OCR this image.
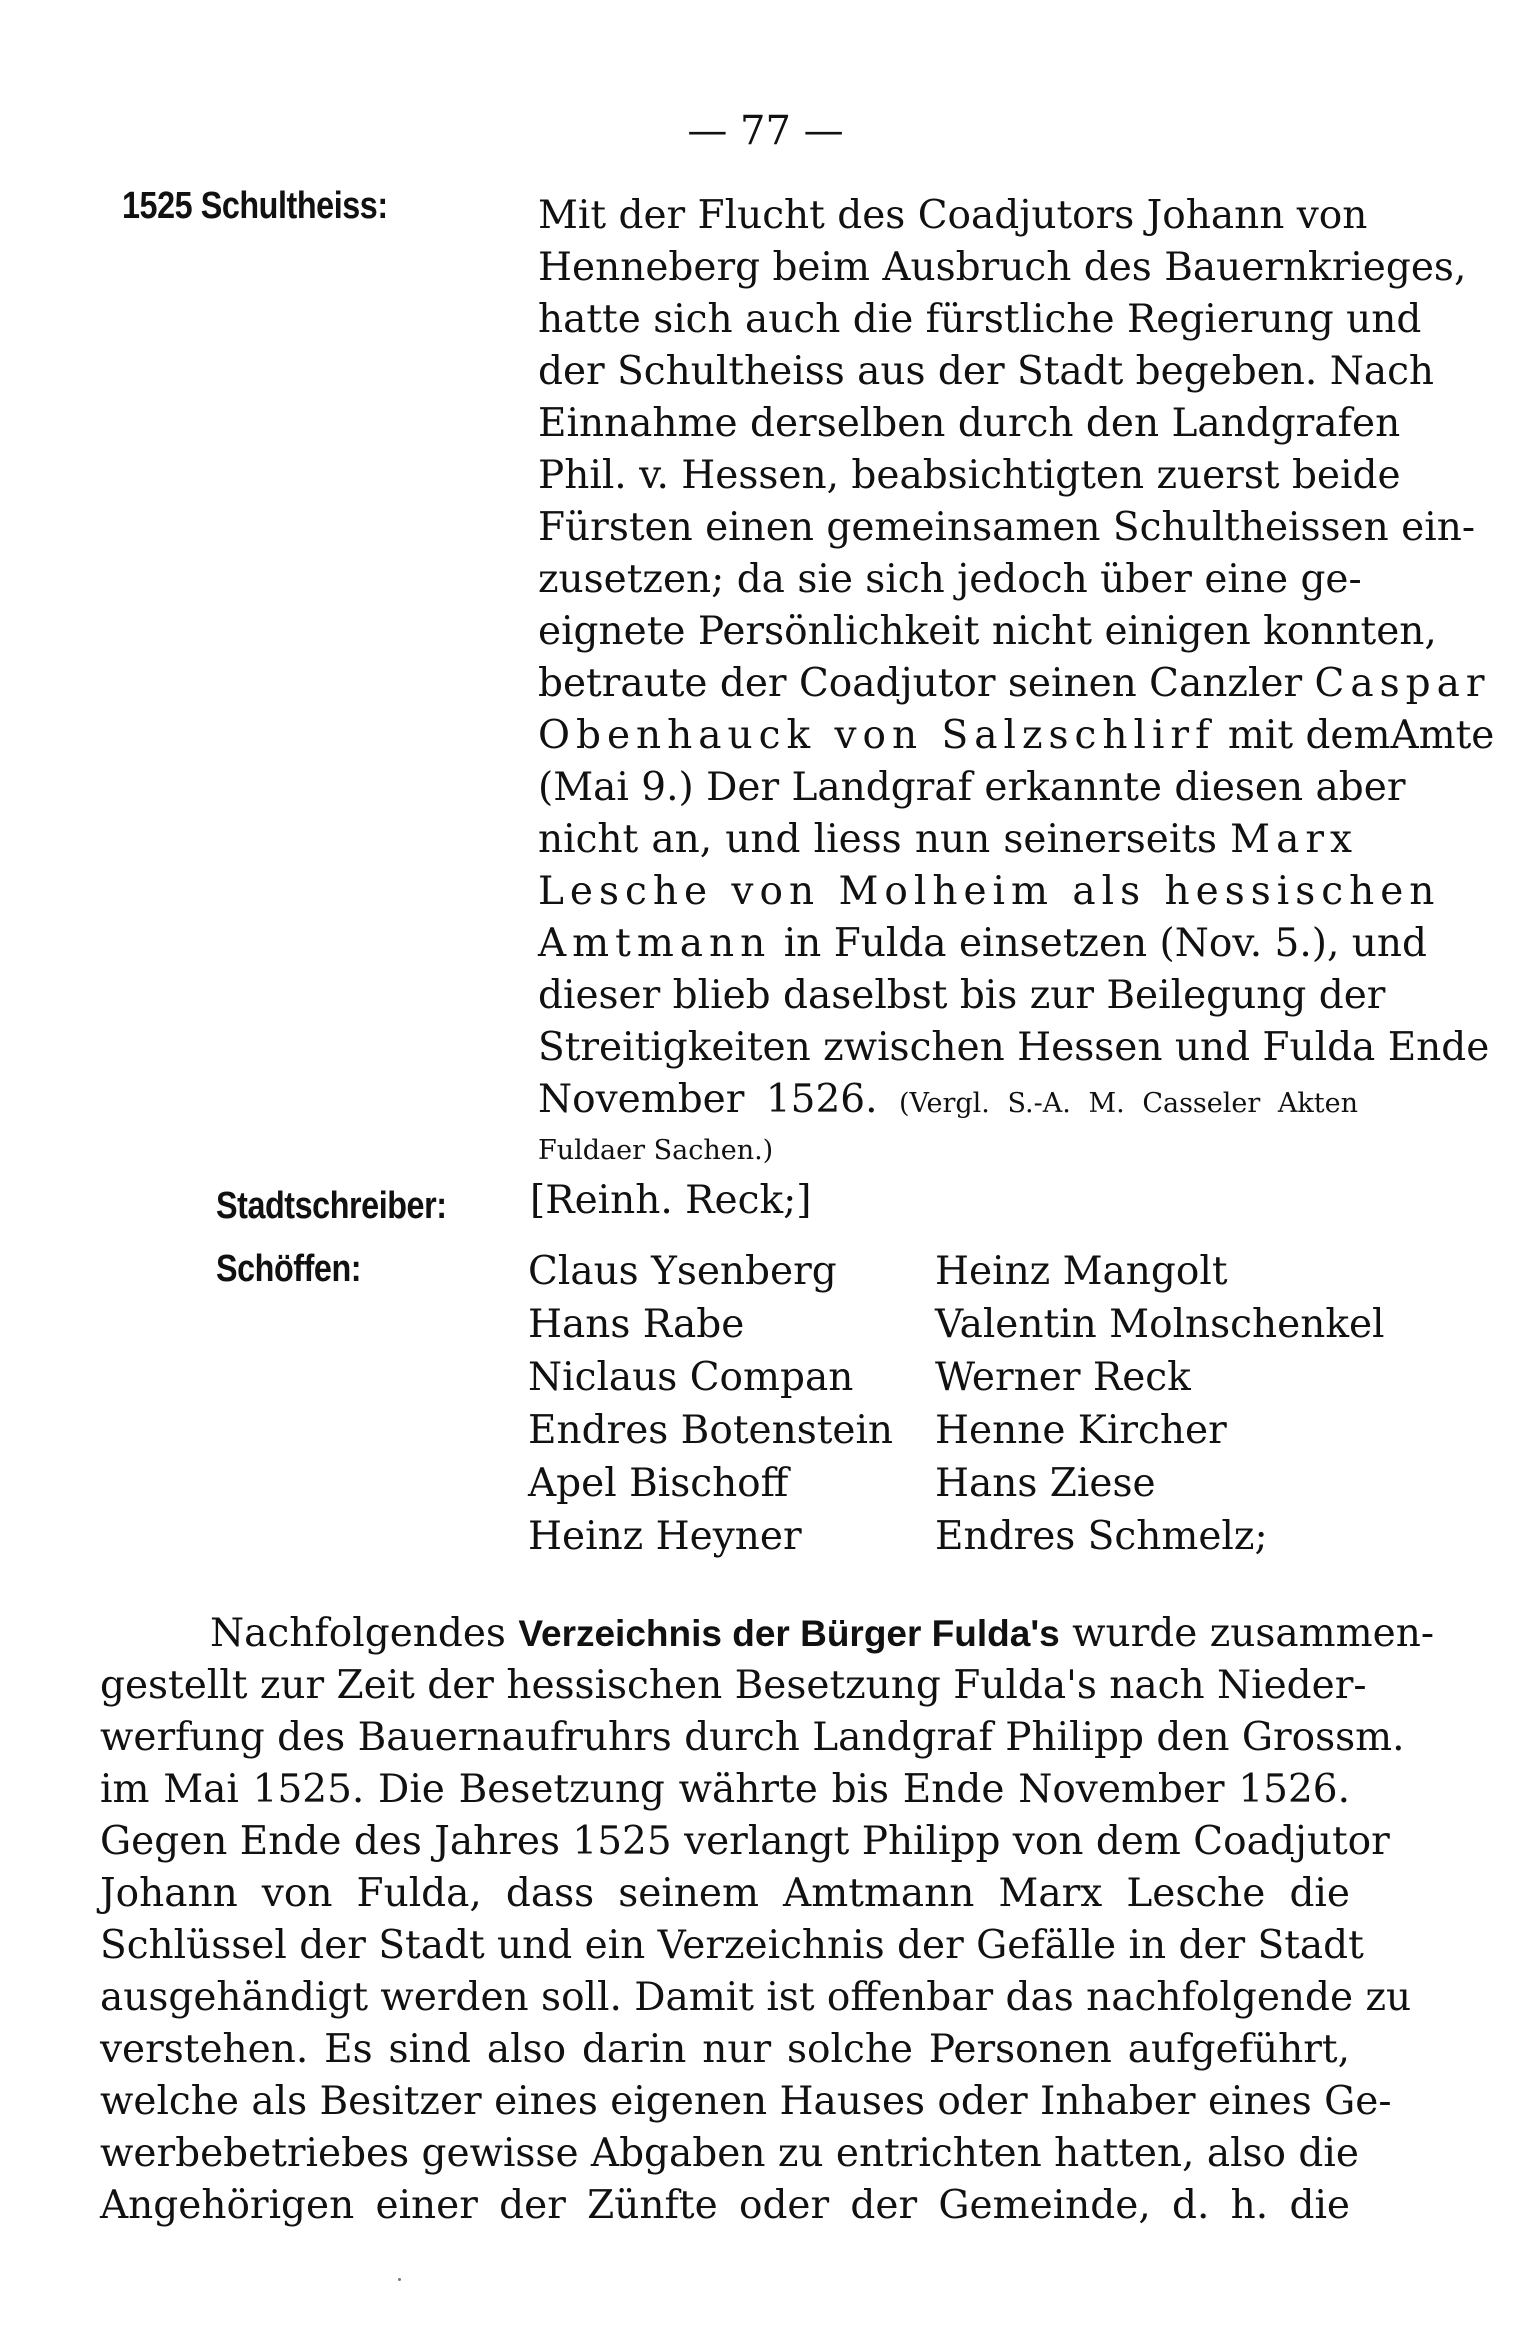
— 77 —
1525 Schultheiss:	Mit der Flucht des Coadjutors Johann von
Henneberg beim Ausbruch des Bauernkrieges,
hatte sich auch die fürstliche Regierung und
der Schultheiss aus der Stadt begeben. Nach
Einnahme derselben durch den Landgrafen
Phil. v. Hessen, beabsichtigten zuerst beide
Fürsten einen gemeinsamen Schultheissen ein-
zusetzen; da sie sich jedoch über eine ge-
eignete Persönlichkeit nicht einigen konnten,
betraute der Coadjutor seinen Canzler Caspar
Obenhauck von Salzschlirf mit demAmte
(Mai 9.) Der Landgraf erkannte diesen aber
nicht an, und liess nun seinerseits Marx
Lesche von Molheim als hessischen
Amtmann in Fulda einsetzen (Nov. 5.), und
dieser blieb daselbst bis zur Beilegung der
Streitigkeiten zwischen Hessen und Fulda Ende
November 1526. (Vergl. S.-A. M. Casseler Akten
Fuldaer Sachen.)
Stadtschreiber: [Reinh. Reck;]
Schöffen:	Claus Ysenberg
Hans Rabe
Niclaus Compan
Endres Botenstein
Apel Bischoff
Heinz Heyner
Heinz Mangolt
Valentin Molnschenkel
Werner Reck
Henne Kircher
Hans Ziese
Endres Schmelz;
Nachfolgendes Verzeichnis der Bürger Fulda's wurde zusammen-
gestellt zur Zeit der hessischen Besetzung Fulda's nach Nieder-
werfung des Bauernaufruhrs durch Landgraf Philipp den Grossm.
im Mai 1525. Die Besetzung währte bis Ende November 1526.
Gegen Ende des Jahres 1525 verlangt Philipp von dem Coadjutor
Johann von Fulda, dass seinem Amtmann Marx Lesche die
Schlüssel der Stadt und ein Verzeichnis der Gefälle in der Stadt
ausgehändigt werden soll. Damit ist offenbar das nachfolgende zu
verstehen. Es sind also darin nur solche Personen aufgeführt,
welche als Besitzer eines eigenen Hauses oder Inhaber eines Ge-
werbebetriebes gewisse Abgaben zu entrichten hatten, also die
Angehörigen einer der Zünfte oder der Gemeinde, d. h. die
